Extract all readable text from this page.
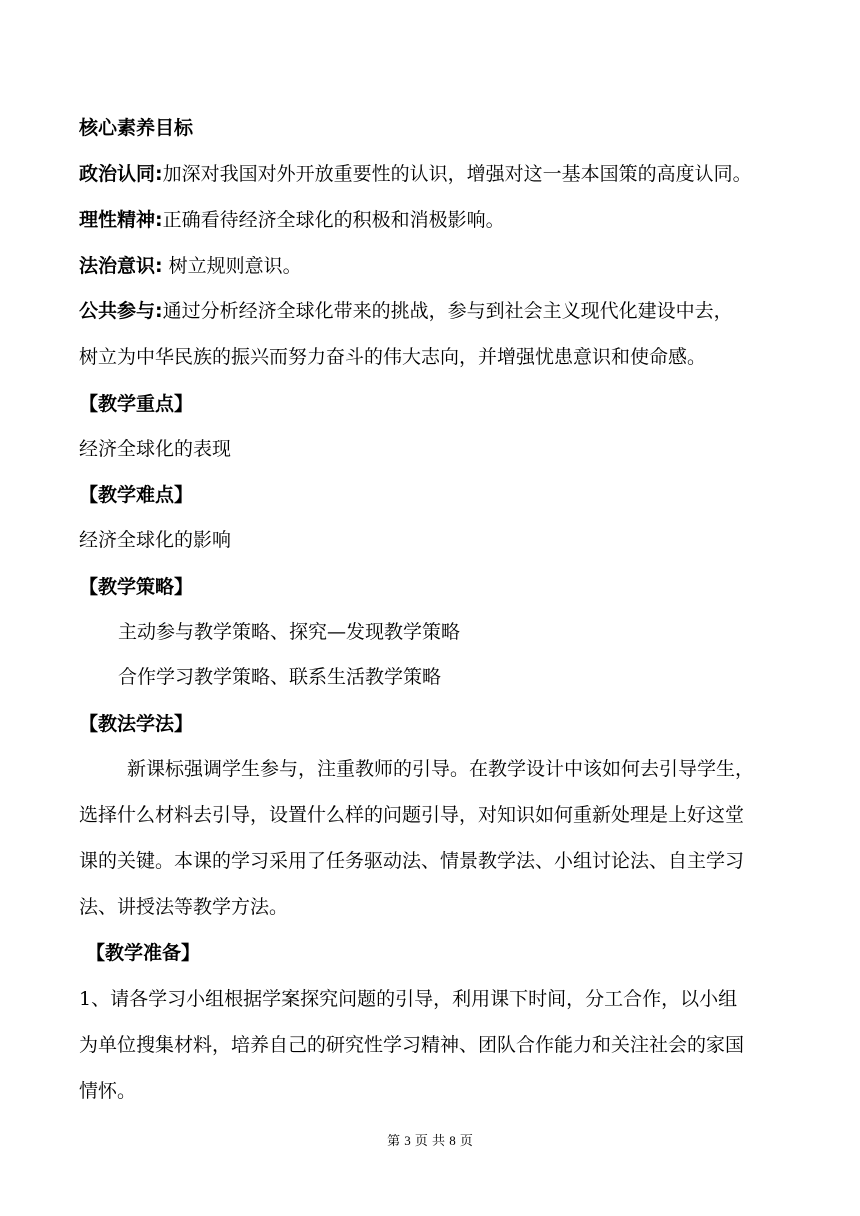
核心素养目标
政治认同:加深对我国对外开放重要性的认识，增强对这一基本国策的高度认同。
理性精神:正确看待经济全球化的积极和消极影响。
法治意识: 树立规则意识。
公共参与:通过分析经济全球化带来的挑战，参与到社会主义现代化建设中去，
树立为中华民族的振兴而努力奋斗的伟大志向，并增强忧患意识和使命感。
【教学重点】
经济全球化的表现
【教学难点】
经济全球化的影响
【教学策略】
主动参与教学策略、探究—发现教学策略
合作学习教学策略、联系生活教学策略
【教法学法】
新课标强调学生参与，注重教师的引导。在教学设计中该如何去引导学生，
选择什么材料去引导，设置什么样的问题引导，对知识如何重新处理是上好这堂
课的关键。本课的学习采用了任务驱动法、情景教学法、小组讨论法、自主学习
法、讲授法等教学方法。
【教学准备】
1、请各学习小组根据学案探究问题的引导，利用课下时间，分工合作，以小组
为单位搜集材料，培养自己的研究性学习精神、团队合作能力和关注社会的家国
情怀。
第 3 页 共 8 页
